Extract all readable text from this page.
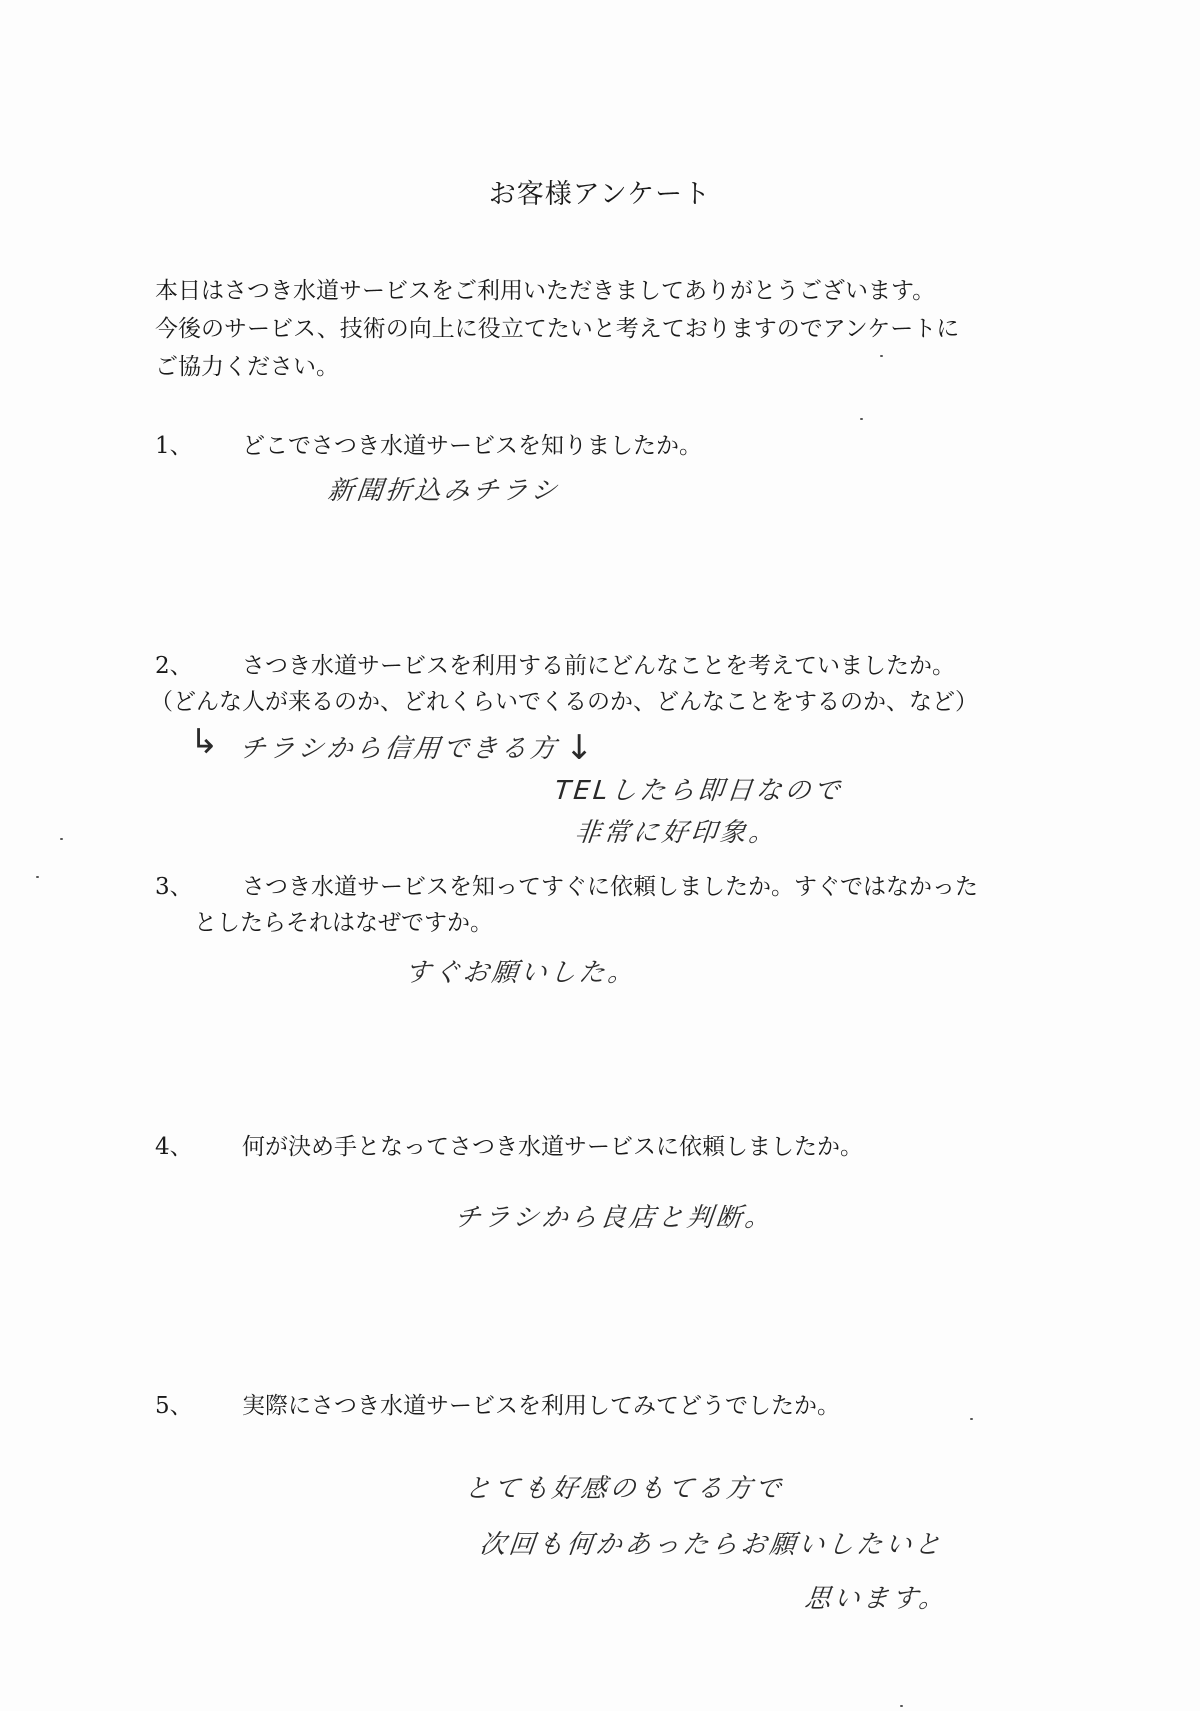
お客様アンケート
本日はさつき水道サービスをご利用いただきましてありがとうございます。
今後のサービス、技術の向上に役立てたいと考えておりますのでアンケートに
ご協力ください。
1、 どこでさつき水道サービスを知りましたか。
新聞折込みチラシ
2、 さつき水道サービスを利用する前にどんなことを考えていましたか。
（どんな人が来るのか、どれくらいでくるのか、どんなことをするのか、など）
↳ チラシから信用できる方 ↓
TELしたら即日なので
非常に好印象。
3、 さつき水道サービスを知ってすぐに依頼しましたか。すぐではなかった
としたらそれはなぜですか。
すぐお願いした。
4、 何が決め手となってさつき水道サービスに依頼しましたか。
チラシから良店と判断。
5、 実際にさつき水道サービスを利用してみてどうでしたか。
とても好感のもてる方で
次回も何かあったらお願いしたいと
思います。
